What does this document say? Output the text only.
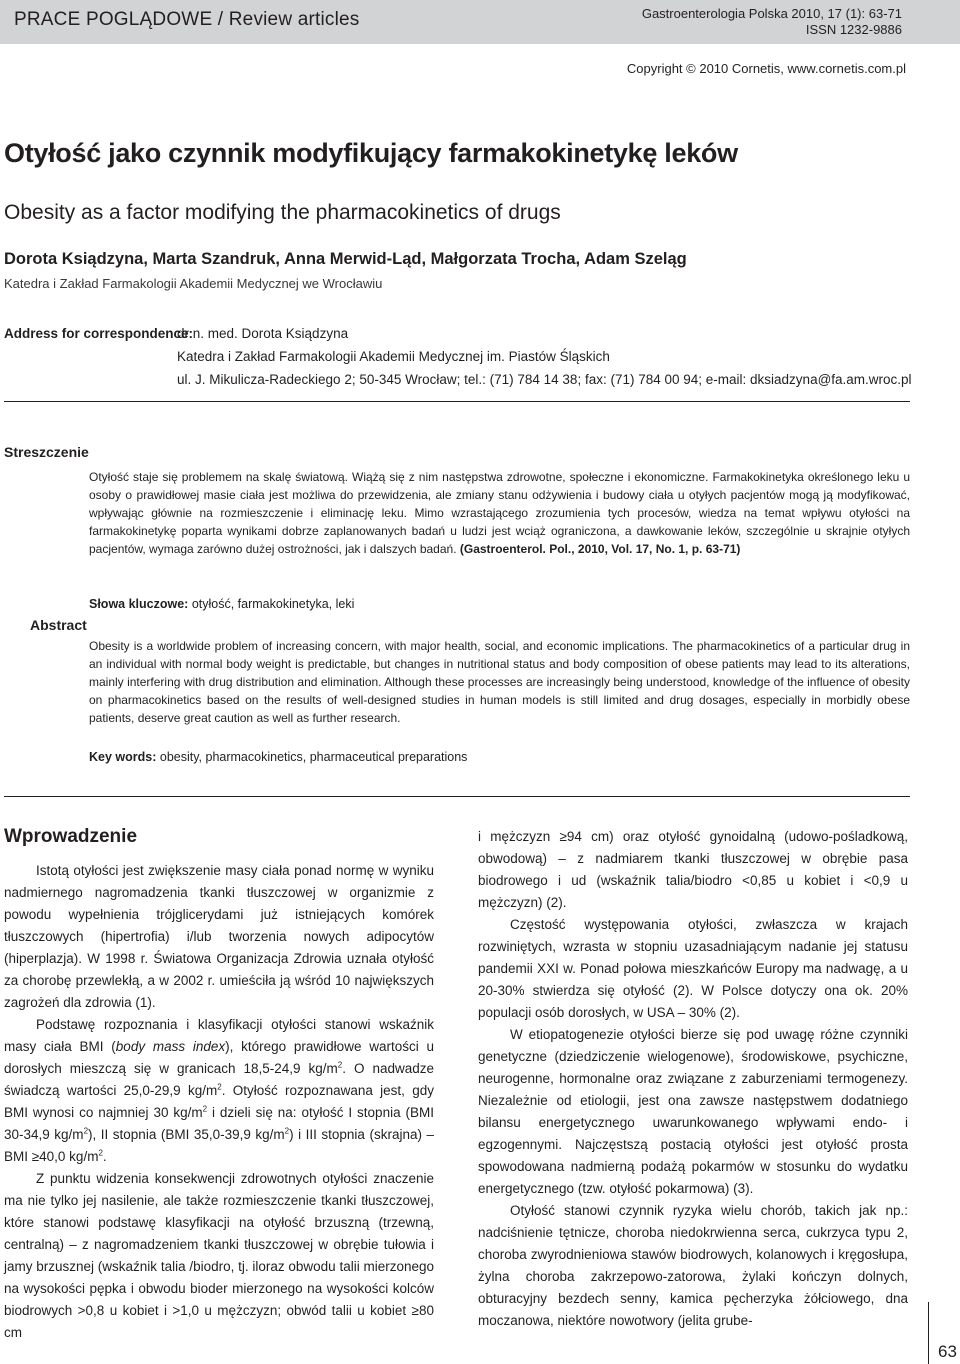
PRACE POGLĄDOWE / Review articles	Gastroenterologia Polska 2010, 17 (1): 63-71
ISSN 1232-9886
Copyright © 2010 Cornetis, www.cornetis.com.pl
Otyłość jako czynnik modyfikujący farmakokinetykę leków
Obesity as a factor modifying the pharmacokinetics of drugs
Dorota Ksiądzyna, Marta Szandruk, Anna Merwid-Ląd, Małgorzata Trocha, Adam Szeląg
Katedra i Zakład Farmakologii Akademii Medycznej we Wrocławiu
Address for correspondence:
dr n. med. Dorota Ksiądzyna
Katedra i Zakład Farmakologii Akademii Medycznej im. Piastów Śląskich
ul. J. Mikulicza-Radeckiego 2; 50-345 Wrocław; tel.: (71) 784 14 38; fax: (71) 784 00 94; e-mail: dksiadzyna@fa.am.wroc.pl
Streszczenie
Otyłość staje się problemem na skalę światową. Wiążą się z nim następstwa zdrowotne, społeczne i ekonomiczne. Farmakokinetyka określonego leku u osoby o prawidłowej masie ciała jest możliwa do przewidzenia, ale zmiany stanu odżywienia i budowy ciała u otyłych pacjentów mogą ją modyfikować, wpływając głównie na rozmieszczenie i eliminację leku. Mimo wzrastającego zrozumienia tych procesów, wiedza na temat wpływu otyłości na farmakokinetykę poparta wynikami dobrze zaplanowanych badań u ludzi jest wciąż ograniczona, a dawkowanie leków, szczególnie u skrajnie otyłych pacjentów, wymaga zarówno dużej ostrożności, jak i dalszych badań. (Gastroenterol. Pol., 2010, Vol. 17, No. 1, p. 63-71)
Słowa kluczowe: otyłość, farmakokinetyka, leki
Abstract
Obesity is a worldwide problem of increasing concern, with major health, social, and economic implications. The pharmacokinetics of a particular drug in an individual with normal body weight is predictable, but changes in nutritional status and body composition of obese patients may lead to its alterations, mainly interfering with drug distribution and elimination. Although these processes are increasingly being understood, knowledge of the influence of obesity on pharmacokinetics based on the results of well-designed studies in human models is still limited and drug dosages, especially in morbidly obese patients, deserve great caution as well as further research.
Key words: obesity, pharmacokinetics, pharmaceutical preparations
Wprowadzenie

Istotą otyłości jest zwiększenie masy ciała ponad normę w wyniku nadmiernego nagromadzenia tkanki tłuszczowej w organizmie z powodu wypełnienia trójglicerydami już istniejących komórek tłuszczowych (hipertrofia) i/lub tworzenia nowych adipocytów (hiperplazja). W 1998 r. Światowa Organizacja Zdrowia uznała otyłość za chorobę przewlekłą, a w 2002 r. umieściła ją wśród 10 największych zagrożeń dla zdrowia (1).

Podstawę rozpoznania i klasyfikacji otyłości stanowi wskaźnik masy ciała BMI (body mass index), którego prawidłowe wartości u dorosłych mieszczą się w granicach 18,5-24,9 $kg/m^2$. O nadwadze świadczą wartości 25,0-29,9 $kg/m^2$. Otyłość rozpoznawana jest, gdy BMI wynosi co najmniej 30 $kg/m^2$ i dzieli się na: otyłość I stopnia (BMI 30-34,9 $kg/m^2$), II stopnia (BMI 35,0-39,9 $kg/m^2$) i III stopnia (skrajna) – BMI ≥40,0 $kg/m^2$.

Z punktu widzenia konsekwencji zdrowotnych otyłości znaczenie ma nie tylko jej nasilenie, ale także rozmieszczenie tkanki tłuszczowej, które stanowi podstawę klasyfikacji na otyłość brzuszną (trzewną, centralną) – z nagromadzeniem tkanki tłuszczowej w obrębie tułowia i jamy brzusznej (wskaźnik talia /biodro, tj. iloraz obwodu talii mierzonego na wysokości pępka i obwodu bioder mierzonego na wysokości kolców biodrowych >0,8 u kobiet i >1,0 u mężczyzn; obwód talii u kobiet ≥80 cm

i mężczyzn ≥94 cm) oraz otyłość gynoidalną (udowo-pośladkową, obwodową) – z nadmiarem tkanki tłuszczowej w obrębie pasa biodrowego i ud (wskaźnik talia/biodro <0,85 u kobiet i <0,9 u mężczyzn) (2).

Częstość występowania otyłości, zwłaszcza w krajach rozwiniętych, wzrasta w stopniu uzasadniającym nadanie jej statusu pandemii XXI w. Ponad połowa mieszkańców Europy ma nadwagę, a u 20-30% stwierdza się otyłość (2). W Polsce dotyczy ona ok. 20% populacji osób dorosłych, w USA – 30% (2).

W etiopatogenezie otyłości bierze się pod uwagę różne czynniki genetyczne (dziedziczenie wielogenowe), środowiskowe, psychiczne, neurogenne, hormonalne oraz związane z zaburzeniami termogenezy. Niezależnie od etiologii, jest ona zawsze następstwem dodatniego bilansu energetycznego uwarunkowanego wpływami endo- i egzogennymi. Najczęstszą postacią otyłości jest otyłość prosta spowodowana nadmierną podażą pokarmów w stosunku do wydatku energetycznego (tzw. otyłość pokarmowa) (3).

Otyłość stanowi czynnik ryzyka wielu chorób, takich jak np.: nadciśnienie tętnicze, choroba niedokrwienna serca, cukrzyca typu 2, choroba zwyrodnieniowa stawów biodrowych, kolanowych i kręgosłupa, żylna choroba zakrzepowo-zatorowa, żylaki kończyn dolnych, obturacyjny bezdech senny, kamica pęcherzyka żółciowego, dna moczanowa, niektóre nowotwory (jelita grube-

63
